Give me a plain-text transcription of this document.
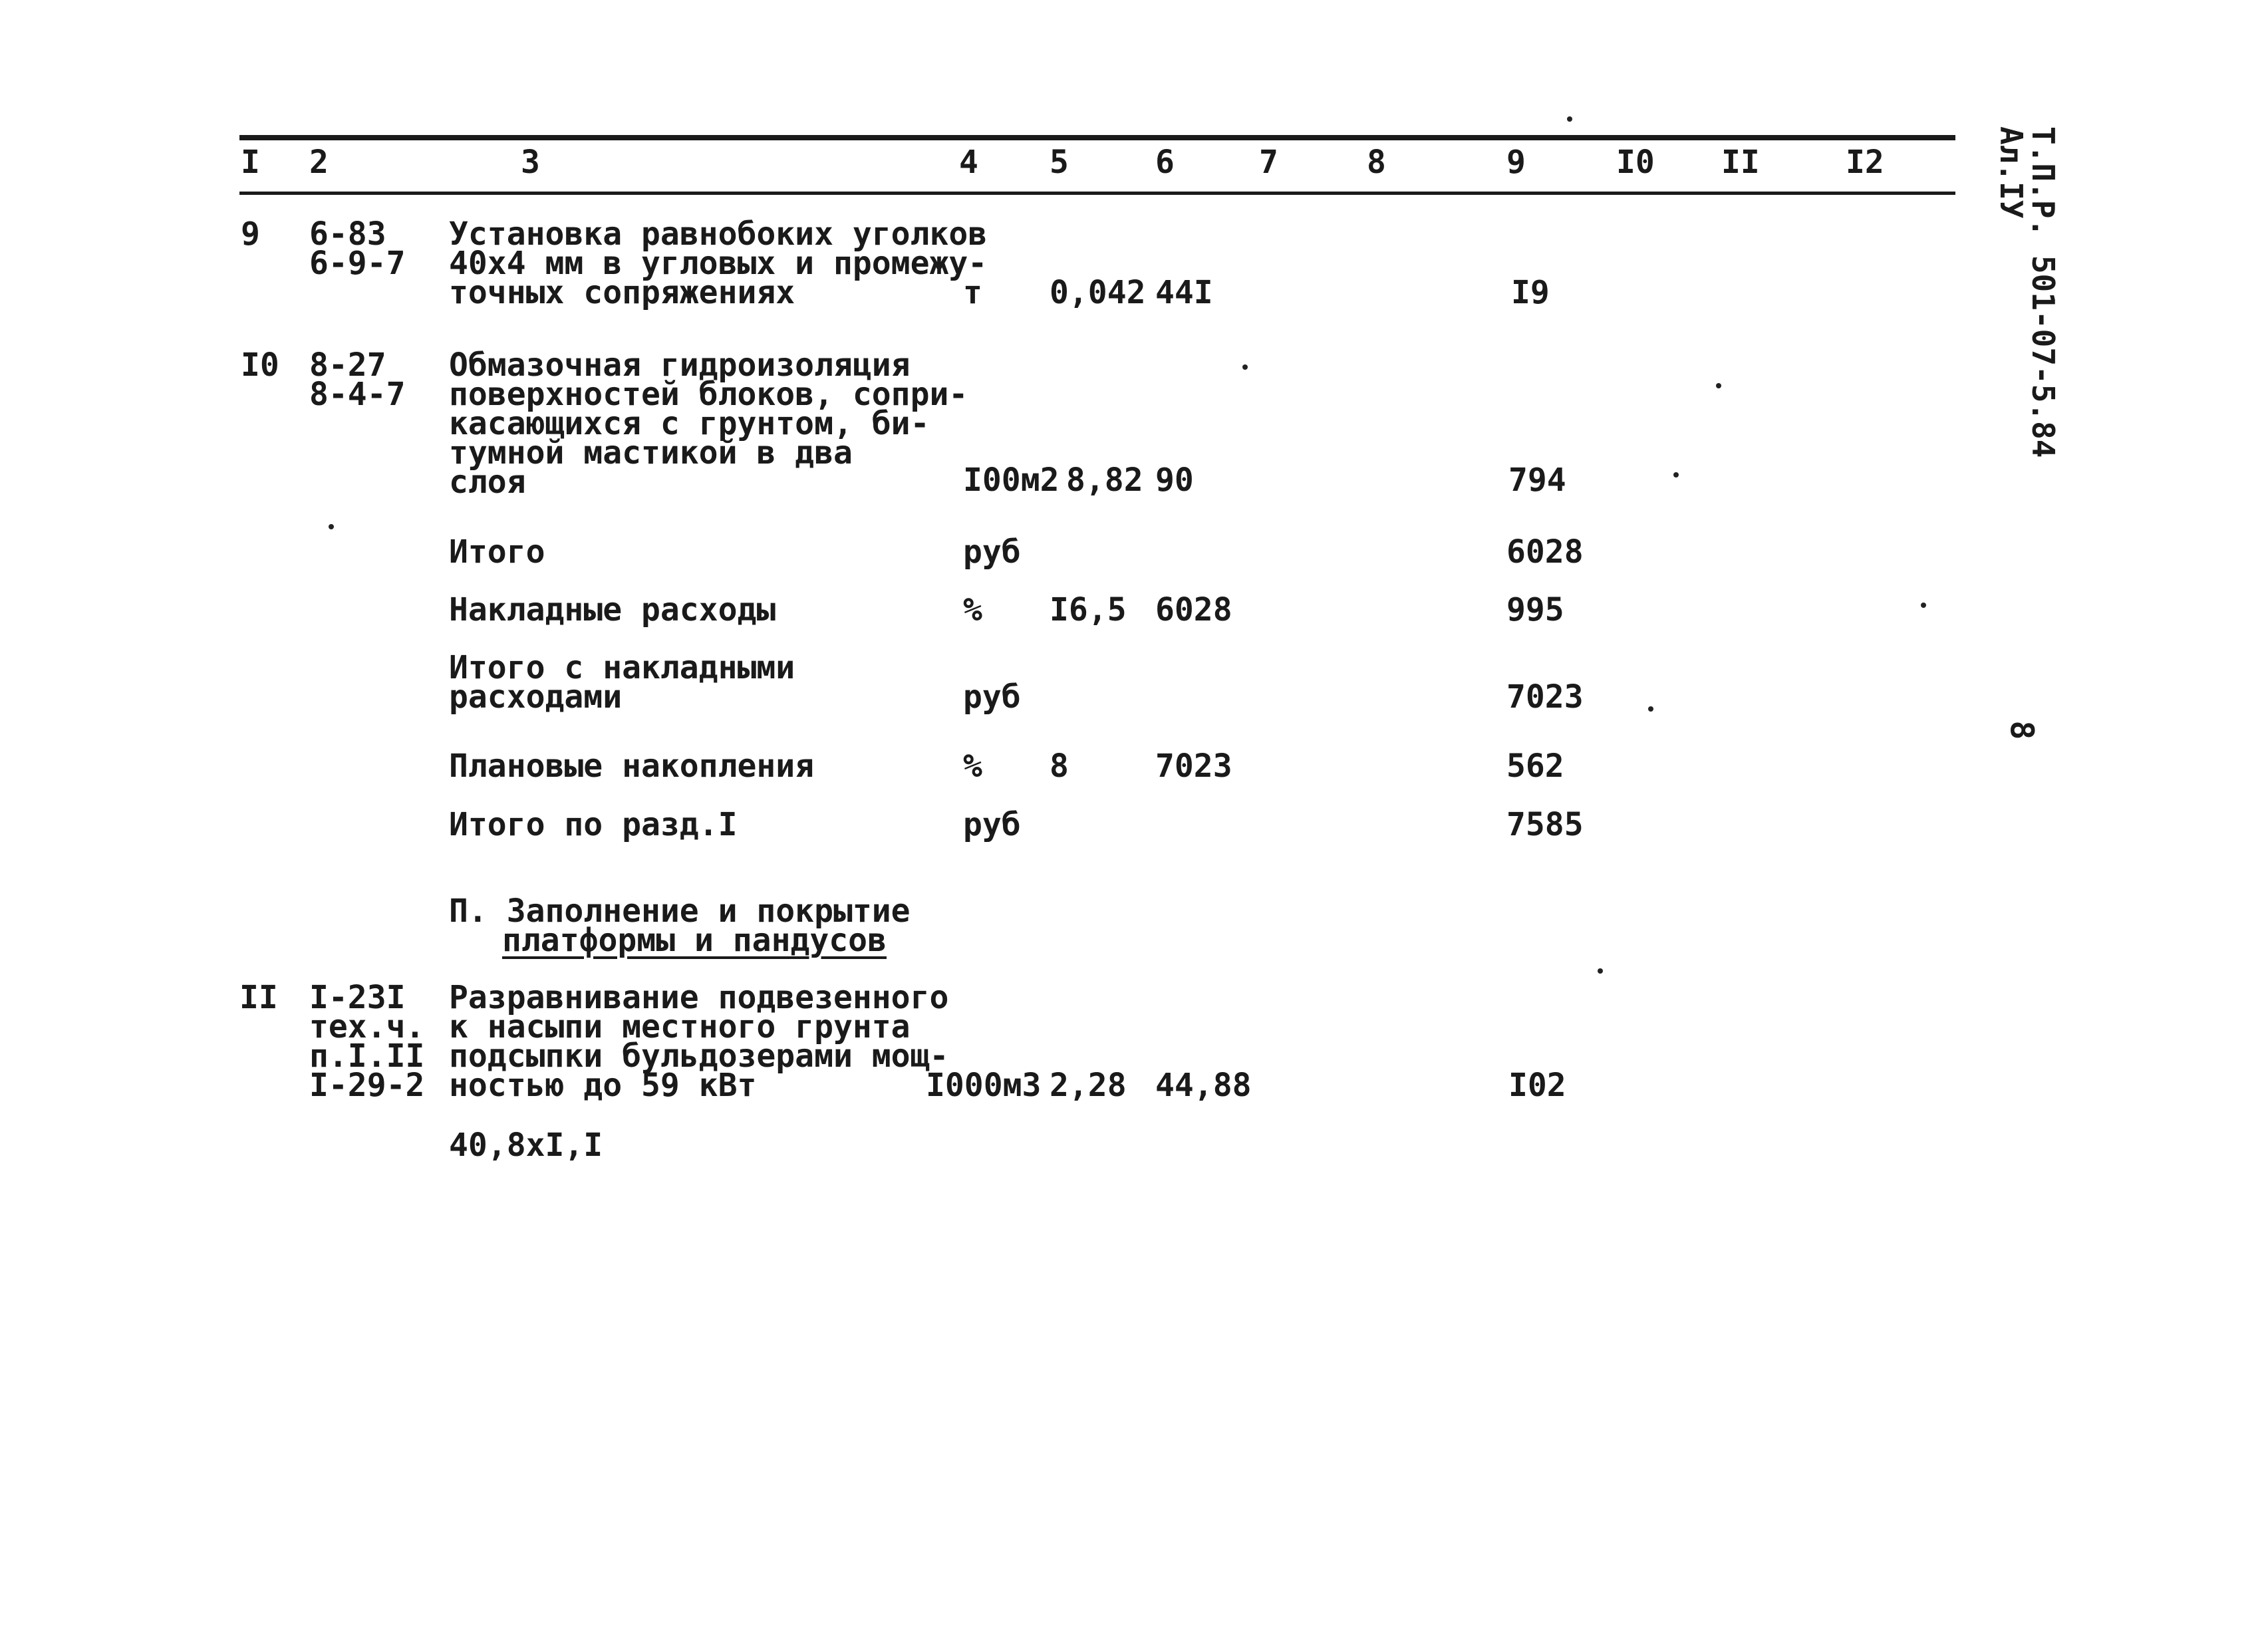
I 2	3	4 5	6	7	8	9	I0 II	I2
9 6-83
6-9-7
Установка равнобоких уголков
40х4 мм в угловых и промежу-
точных сопряжениях	т 0,042 44I	I9
I0 8-27
8-4-7
Обмазочная гидроизоляция
поверхностей блоков, сопри-
касающихся с грунтом, би-
тумной мастикой в два
слоя	I00м2 8,82 90	794
Итого	руб	6028
Накладные расходы	% I6,5 6028	995
Итого с накладными
расходами	руб	7023
Плановые накопления	% 8	7023	562
Итого по разд.I	руб	7585
П. Заполнение и покрытие
платформы и пандусов
II I-23I
тех.ч.
п.I.II
I-29-2
Разравнивание подвезенного
к насыпи местного грунта
подсыпки бульдозерами мощ-
ностью до 59 кВт	I000м3 2,28 44,88	I02
40,8хI,I

Т.П.Р. 501-07-5.84
Ал.IУ

8
